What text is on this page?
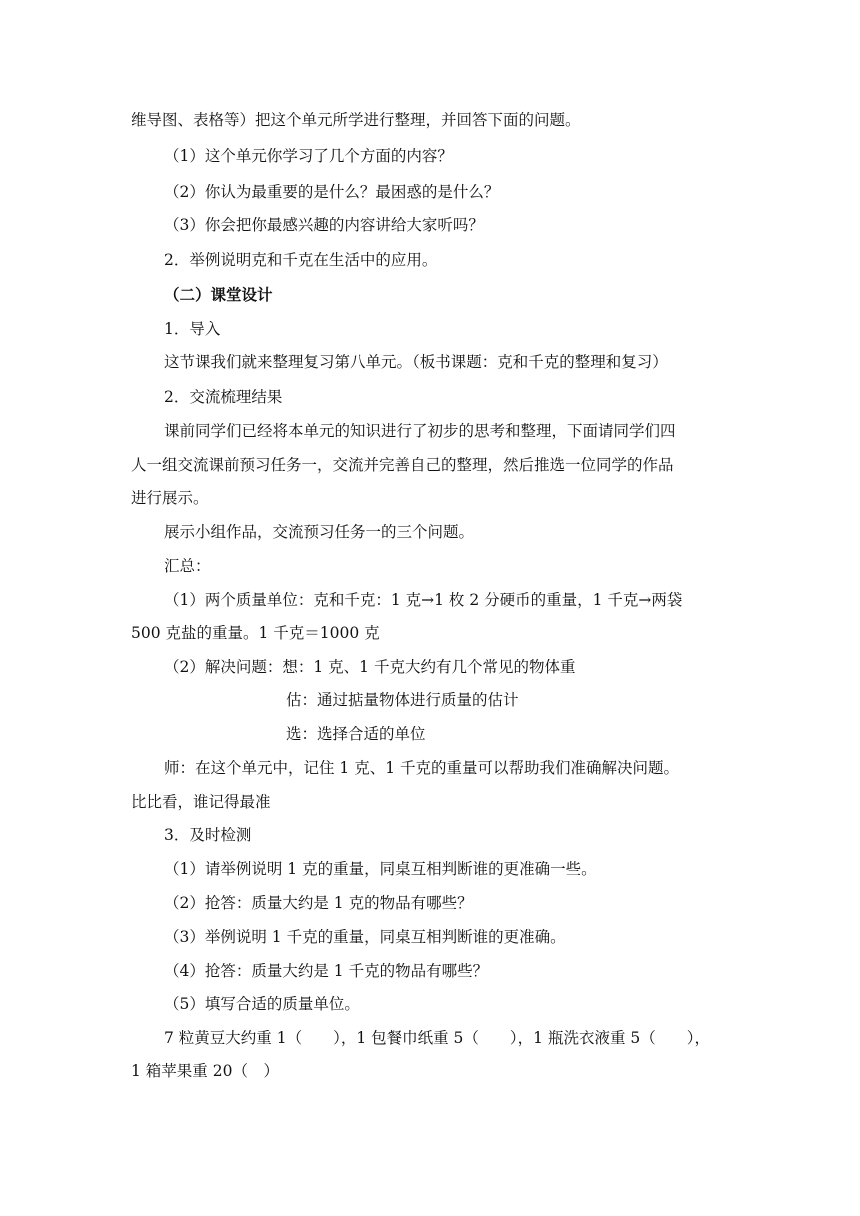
维导图、表格等）把这个单元所学进行整理，并回答下面的问题。
（1）这个单元你学习了几个方面的内容？
（2）你认为最重要的是什么？最困惑的是什么？
（3）你会把你最感兴趣的内容讲给大家听吗？
2．举例说明克和千克在生活中的应用。
（二）课堂设计
1．导入
这节课我们就来整理复习第八单元。（板书课题：克和千克的整理和复习）
2．交流梳理结果
课前同学们已经将本单元的知识进行了初步的思考和整理，下面请同学们四
人一组交流课前预习任务一，交流并完善自己的整理，然后推选一位同学的作品
进行展示。
展示小组作品，交流预习任务一的三个问题。
汇总：
（1）两个质量单位：克和千克：1 克→1 枚 2 分硬币的重量，1 千克→两袋
500 克盐的重量。1 千克＝1000 克
（2）解决问题：想：1 克、1 千克大约有几个常见的物体重
估：通过掂量物体进行质量的估计
选：选择合适的单位
师：在这个单元中，记住 1 克、1 千克的重量可以帮助我们准确解决问题。
比比看，谁记得最准
3．及时检测
（1）请举例说明 1 克的重量，同桌互相判断谁的更准确一些。
（2）抢答：质量大约是 1 克的物品有哪些？
（3）举例说明 1 千克的重量，同桌互相判断谁的更准确。
（4）抢答：质量大约是 1 千克的物品有哪些？
（5）填写合适的质量单位。
7 粒黄豆大约重 1（　　），1 包餐巾纸重 5（　　），1 瓶洗衣液重 5（　　），
1 箱苹果重 20（　）
